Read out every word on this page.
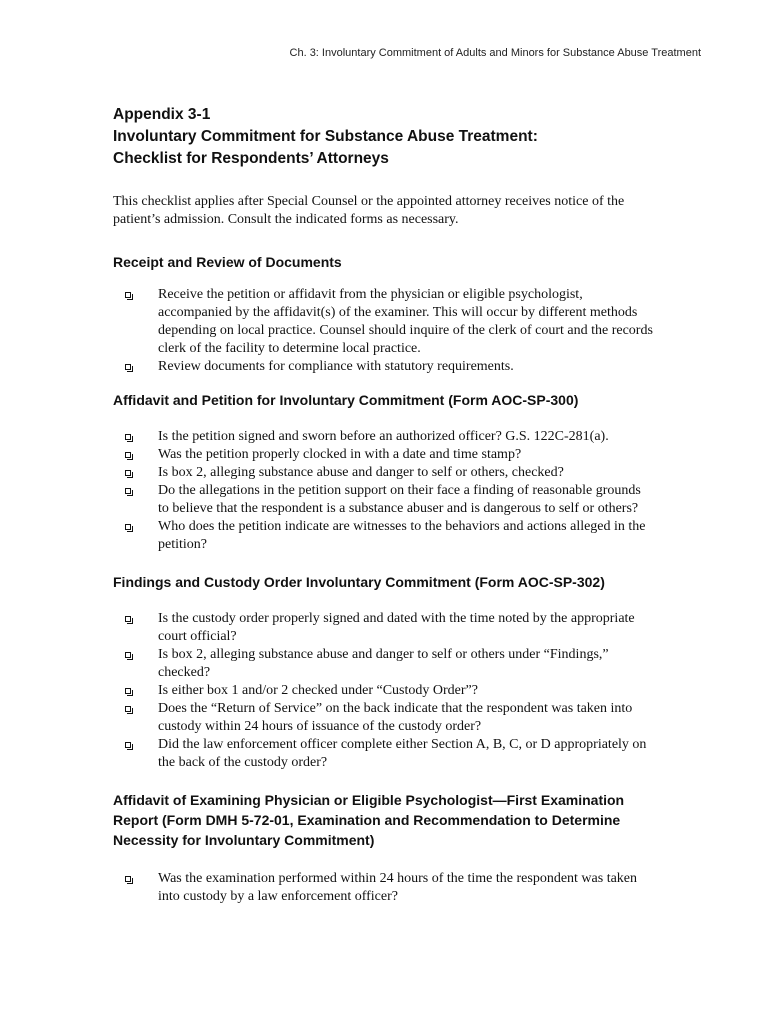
Ch. 3: Involuntary Commitment of Adults and Minors for Substance Abuse Treatment
Appendix 3-1
Involuntary Commitment for Substance Abuse Treatment:
Checklist for Respondents’ Attorneys

This checklist applies after Special Counsel or the appointed attorney receives notice of the patient’s admission. Consult the indicated forms as necessary.

Receipt and Review of Documents
Receive the petition or affidavit from the physician or eligible psychologist, accompanied by the affidavit(s) of the examiner. This will occur by different methods depending on local practice. Counsel should inquire of the clerk of court and the records clerk of the facility to determine local practice.
Review documents for compliance with statutory requirements.
Affidavit and Petition for Involuntary Commitment (Form AOC-SP-300)
Is the petition signed and sworn before an authorized officer? G.S. 122C-281(a).
Was the petition properly clocked in with a date and time stamp?
Is box 2, alleging substance abuse and danger to self or others, checked?
Do the allegations in the petition support on their face a finding of reasonable grounds to believe that the respondent is a substance abuser and is dangerous to self or others?
Who does the petition indicate are witnesses to the behaviors and actions alleged in the petition?
Findings and Custody Order Involuntary Commitment (Form AOC-SP-302)
Is the custody order properly signed and dated with the time noted by the appropriate court official?
Is box 2, alleging substance abuse and danger to self or others under “Findings,” checked?
Is either box 1 and/or 2 checked under “Custody Order”?
Does the “Return of Service” on the back indicate that the respondent was taken into custody within 24 hours of issuance of the custody order?
Did the law enforcement officer complete either Section A, B, C, or D appropriately on the back of the custody order?
Affidavit of Examining Physician or Eligible Psychologist—First Examination Report (Form DMH 5-72-01, Examination and Recommendation to Determine Necessity for Involuntary Commitment)
Was the examination performed within 24 hours of the time the respondent was taken into custody by a law enforcement officer?
